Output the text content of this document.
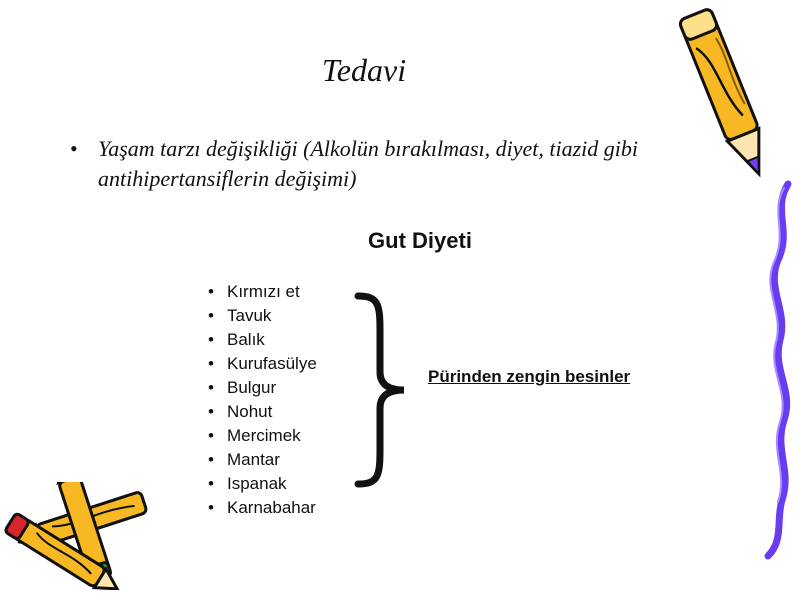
Tedavi
• Yaşam tarzı değişikliği (Alkolün bırakılması, diyet, tiazid gibi antihipertansiflerin değişimi)
Gut Diyeti
• Kırmızı et
• Tavuk
• Balık
• Kurufasülye
• Bulgur
• Nohut
• Mercimek
• Mantar
• Ispanak
• Karnabahar
Pürinden zengin besinler
